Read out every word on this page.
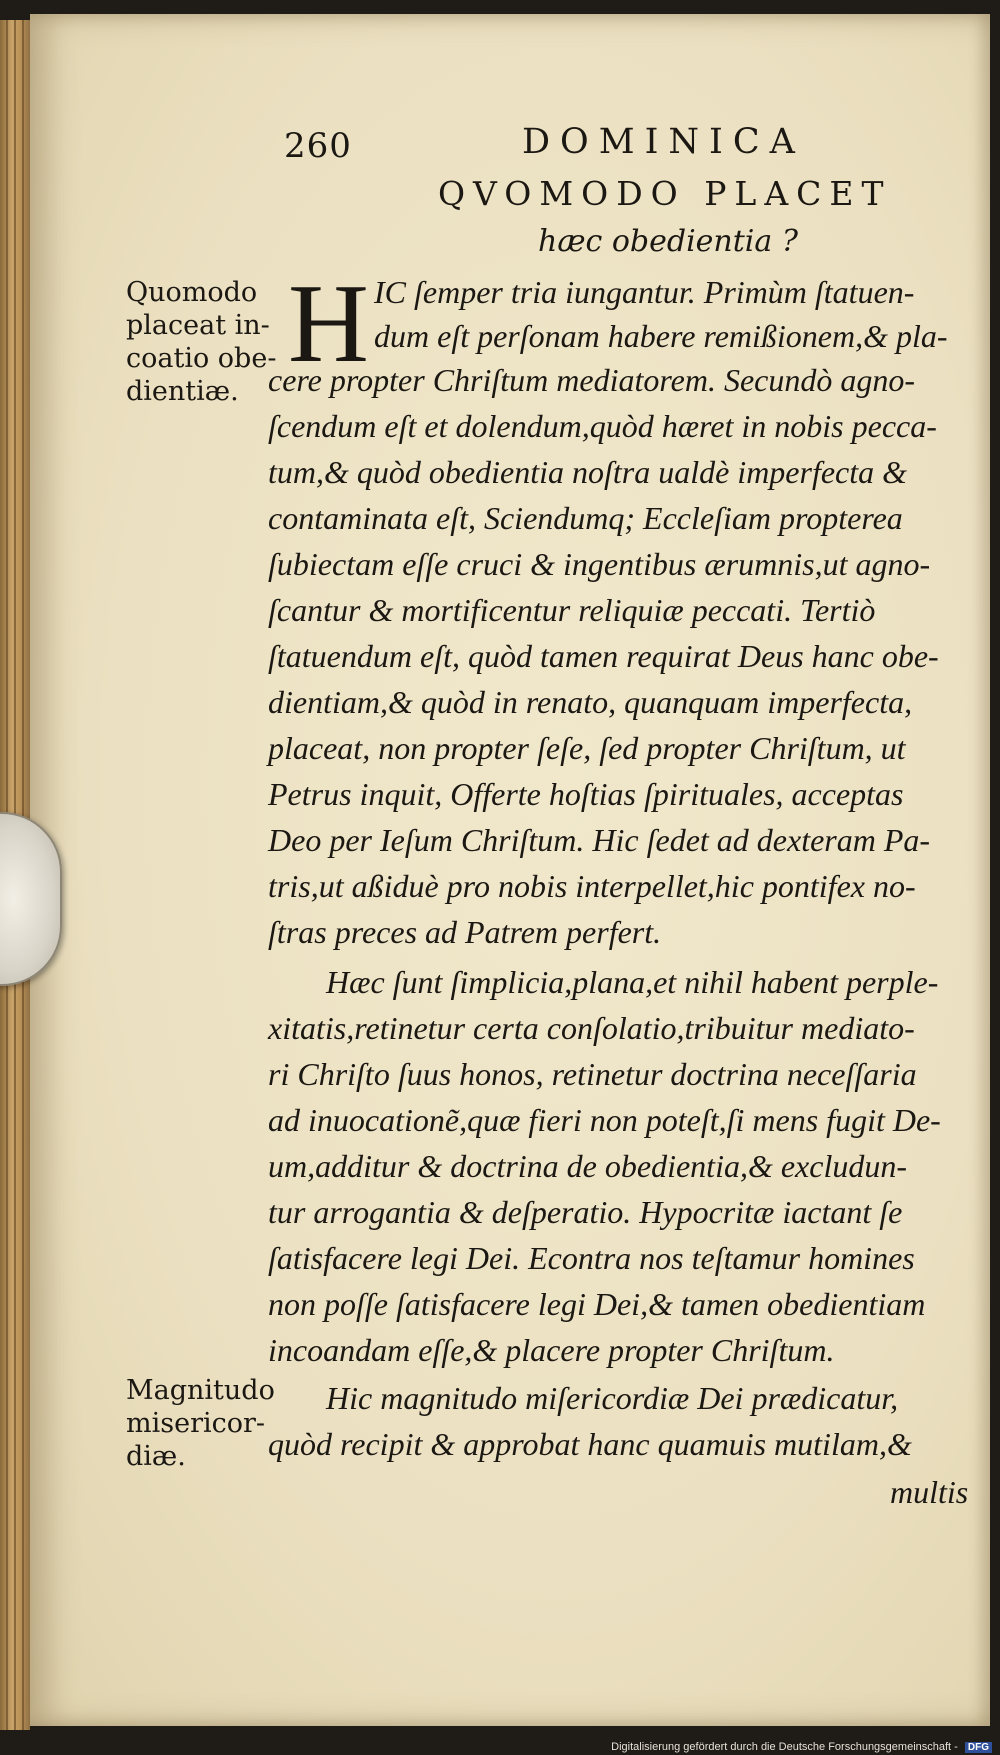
260	DOMINICA
QVOMODO PLACET
hæc obedientia ?
Quomodo
placeat in-
coatio obe-
dientiæ.
Magnitudo
misericor-
diæ.
H IC ſemper tria iungantur. Primùm ſtatuen-
dum eſt perſonam habere remißionem,& pla-
cere propter Chriſtum mediatorem. Secundò agno-
ſcendum eſt et dolendum,quòd hæret in nobis pecca-
tum,& quòd obedientia noſtra ualdè imperfecta &
contaminata eſt, Sciendumq; Eccleſiam propterea
ſubiectam eſſe cruci & ingentibus ærumnis,ut agno-
ſcantur & mortificentur reliquiæ peccati. Tertiò
ſtatuendum eſt, quòd tamen requirat Deus hanc obe-
dientiam,& quòd in renato, quanquam imperfecta,
placeat, non propter ſeſe, ſed propter Chriſtum, ut
Petrus inquit, Offerte hoſtias ſpirituales, acceptas
Deo per Ieſum Chriſtum. Hic ſedet ad dexteram Pa-
tris,ut aßiduè pro nobis interpellet,hic pontifex no-
ſtras preces ad Patrem perfert.
Hæc ſunt ſimplicia,plana,et nihil habent perple-
xitatis,retinetur certa conſolatio,tribuitur mediato-
ri Chriſto ſuus honos, retinetur doctrina neceſſaria
ad inuocationẽ,quæ fieri non poteſt,ſi mens fugit De-
um,additur & doctrina de obedientia,& excludun-
tur arrogantia & deſperatio. Hypocritæ iactant ſe
ſatisfacere legi Dei. Econtra nos teſtamur homines
non poſſe ſatisfacere legi Dei,& tamen obedientiam
incoandam eſſe,& placere propter Chriſtum.
Hic magnitudo miſericordiæ Dei prædicatur,
quòd recipit & approbat hanc quamuis mutilam,&
multis
Digitalisierung gefördert durch die Deutsche Forschungsgemeinschaft - DFG
